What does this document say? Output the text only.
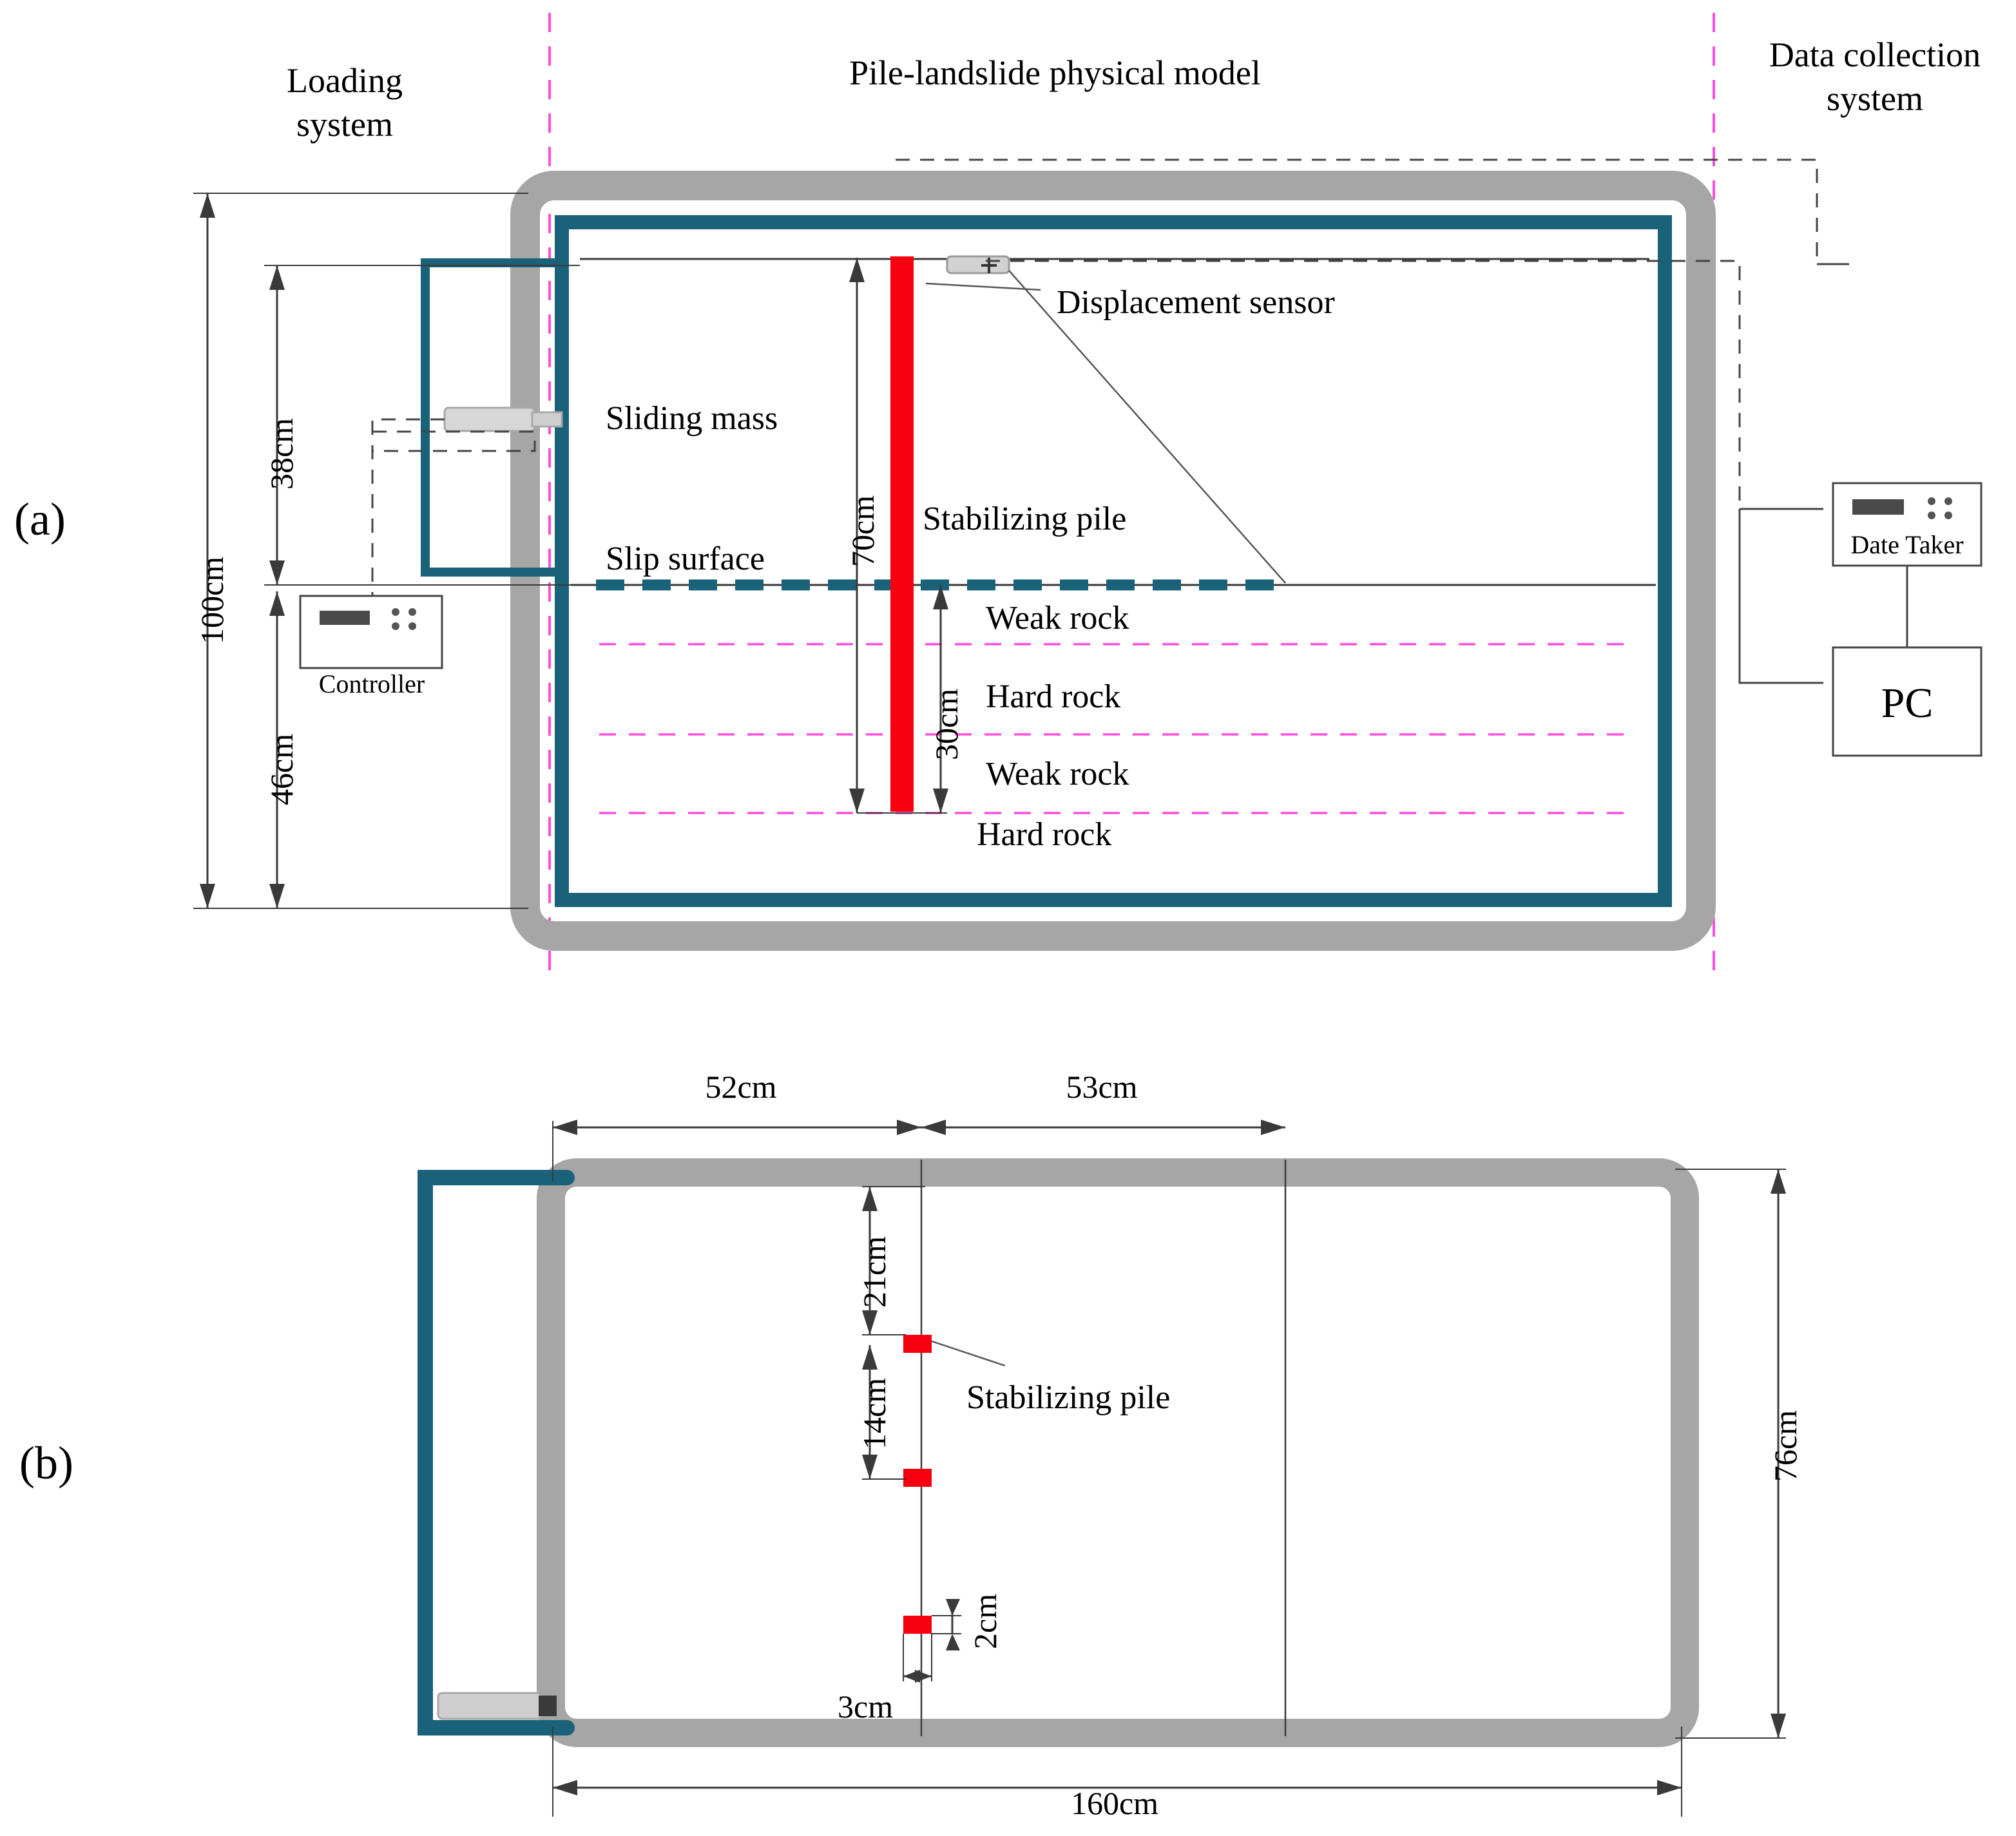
(a)
Loading
system
Pile-landslide physical model	Data collection
system
Displacement sensor
Sliding mass
Stabilizing pile
Slip surface
Weak rock
Hard rock
Weak rock
Hard rock
Controller
Date Taker
PC
100cm
38cm
46cm
70cm
30cm
(b)
52cm	53cm
21cm
14cm
2cm
3cm
76cm
160cm
Stabilizing pile
